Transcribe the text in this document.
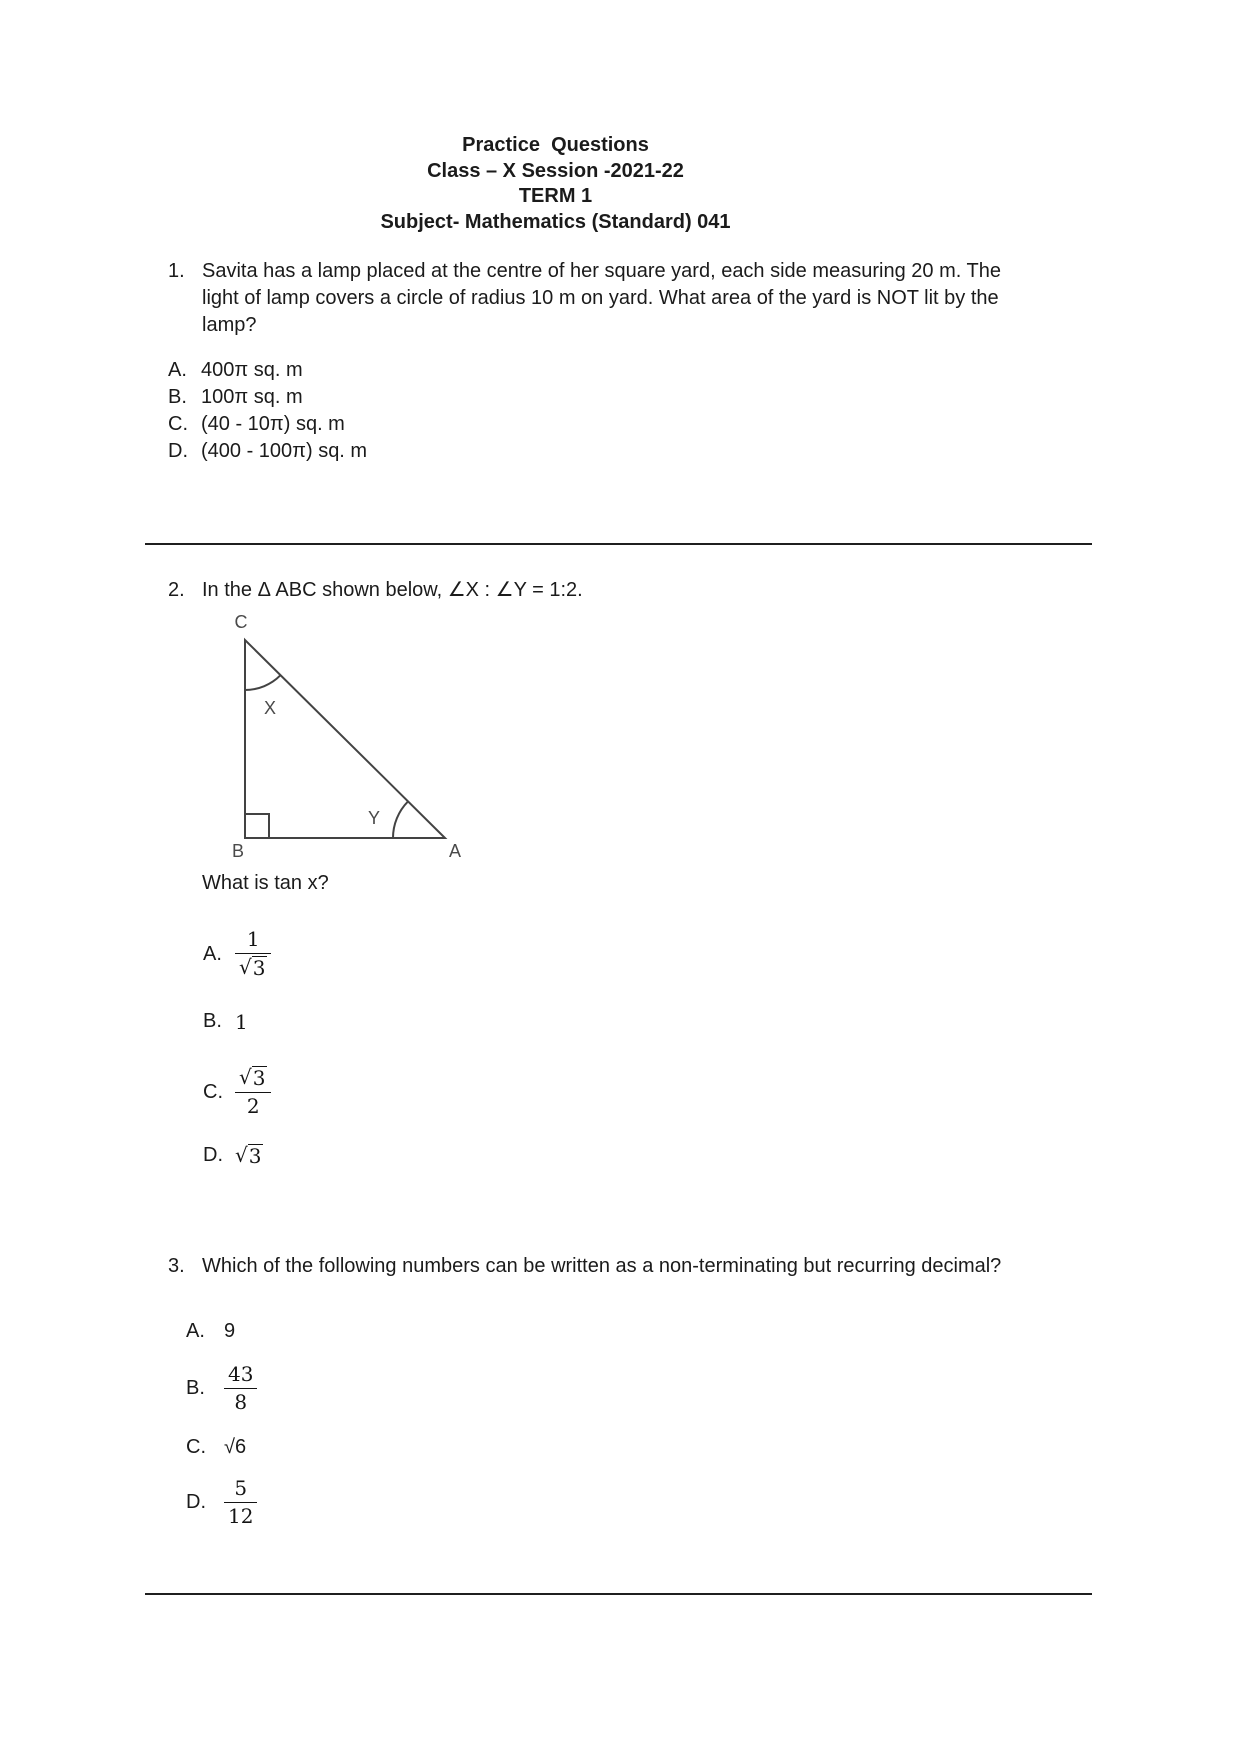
Practice  Questions
Class – X Session -2021-22
TERM 1
Subject- Mathematics (Standard) 041
1. Savita has a lamp placed at the centre of her square yard, each side measuring 20 m. The light of lamp covers a circle of radius 10 m on yard. What area of the yard is NOT lit by the lamp?
A. 400π sq. m
B. 100π sq. m
C. (40 - 10π) sq. m
D. (400 - 100π) sq. m
2. In the Δ ABC shown below, ∠X : ∠Y = 1:2.
C
B	A
X
Y
What is tan x?
A. $\frac{1}{√ 3}$
B. 1
C. $\frac{√ 3}{2}$
D. √ 3
3. Which of the following numbers can be written as a non-terminating but recurring decimal?
A. 9
B. $\frac{43}{8}$
C. √6
D. $\frac{5}{12}$
